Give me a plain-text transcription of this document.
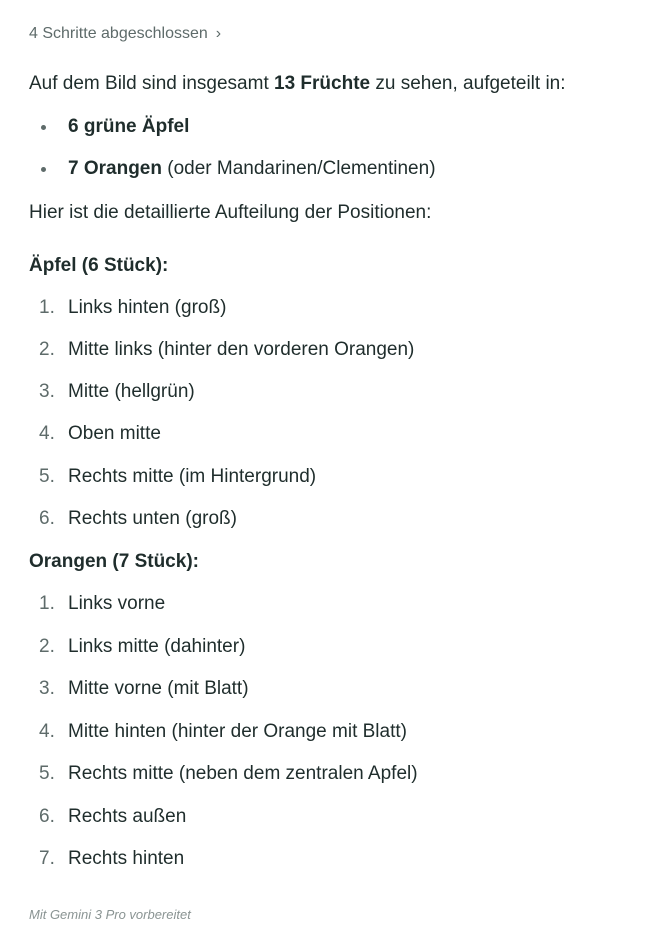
4 Schritte abgeschlossen ›
Auf dem Bild sind insgesamt 13 Früchte zu sehen, aufgeteilt in:
6 grüne Äpfel
7 Orangen (oder Mandarinen/Clementinen)
Hier ist die detaillierte Aufteilung der Positionen:
Äpfel (6 Stück):
1. Links hinten (groß)
2. Mitte links (hinter den vorderen Orangen)
3. Mitte (hellgrün)
4. Oben mitte
5. Rechts mitte (im Hintergrund)
6. Rechts unten (groß)
Orangen (7 Stück):
1. Links vorne
2. Links mitte (dahinter)
3. Mitte vorne (mit Blatt)
4. Mitte hinten (hinter der Orange mit Blatt)
5. Rechts mitte (neben dem zentralen Apfel)
6. Rechts außen
7. Rechts hinten
Mit Gemini 3 Pro vorbereitet
